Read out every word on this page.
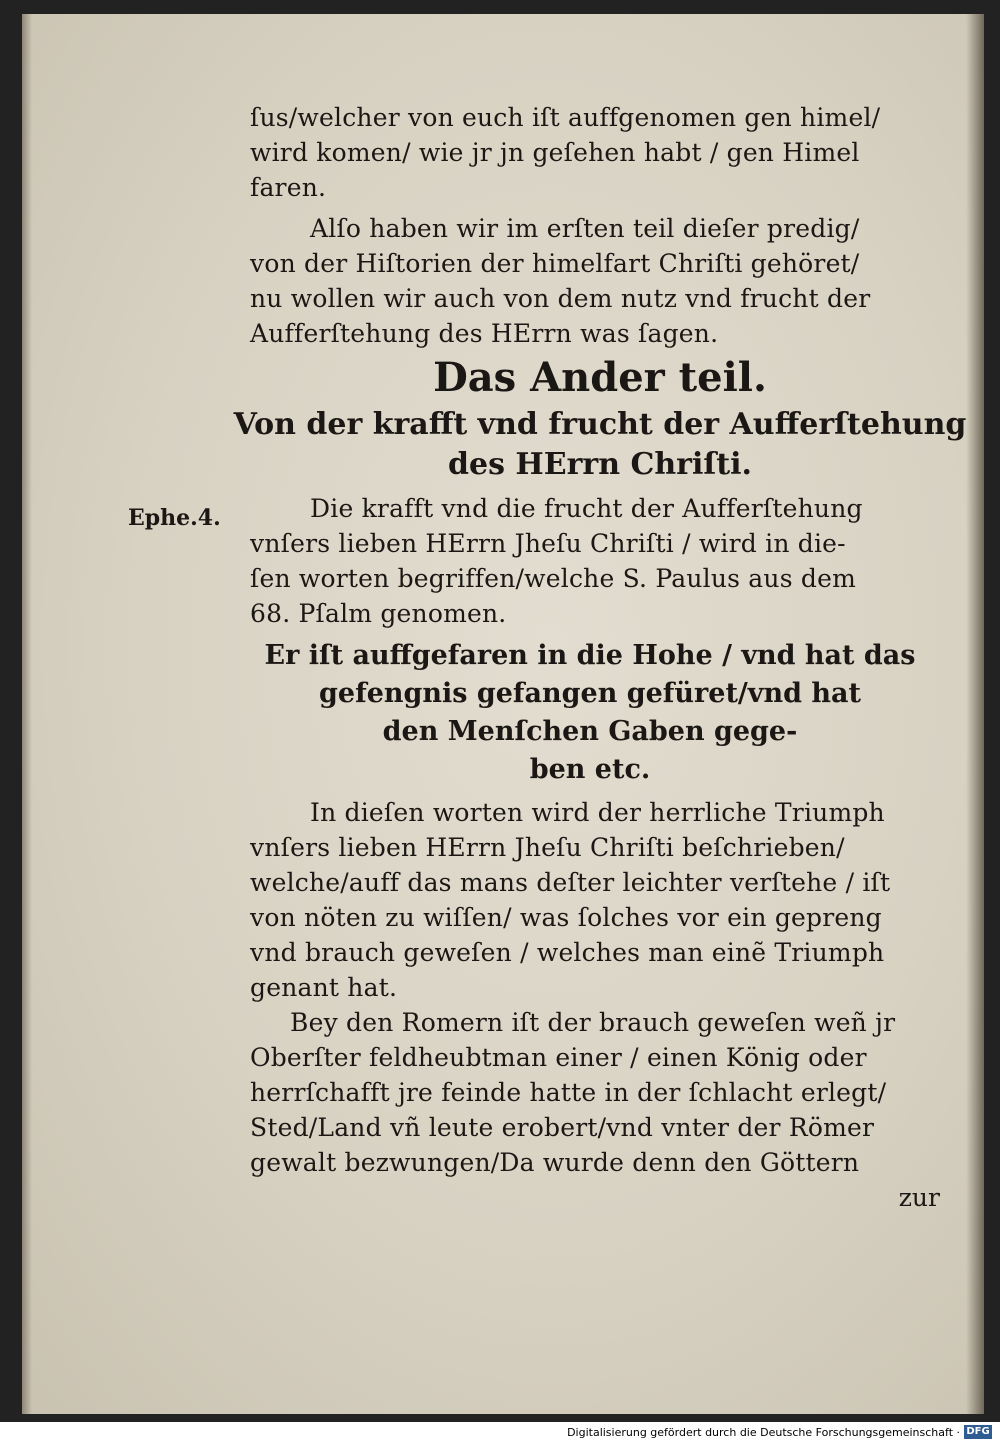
Ephe.4.
ſus/welcher von euch iſt auffgenomen gen himel/
wird komen/ wie jr jn geſehen habt / gen Himel
faren.
Alſo haben wir im erſten teil dieſer predig/
von der Hiſtorien der himelfart Chriſti gehöret/
nu wollen wir auch von dem nutz vnd frucht der
Aufferſtehung des HErrn was ſagen.
Das Ander teil.
Von der krafft vnd frucht der Aufferſtehung
des HErrn Chriſti.
Die krafft vnd die frucht der Aufferſtehung
vnſers lieben HErrn Jheſu Chriſti / wird in die-
ſen worten begriffen/welche S. Paulus aus dem
68. Pſalm genomen.
Er iſt auffgefaren in die Hohe / vnd hat das
gefengnis gefangen gefüret/vnd hat
den Menſchen Gaben gege-
ben etc.
In dieſen worten wird der herrliche Triumph
vnſers lieben HErrn Jheſu Chriſti beſchrieben/
welche/auff das mans deſter leichter verſtehe / iſt
von nöten zu wiſſen/ was ſolches vor ein gepreng
vnd brauch geweſen / welches man einẽ Triumph
genant hat.
Bey den Romern iſt der brauch geweſen weñ jr
Oberſter feldheubtman einer / einen König oder
herrſchafft jre feinde hatte in der ſchlacht erlegt/
Sted/Land vñ leute erobert/vnd vnter der Römer
gewalt bezwungen/Da wurde denn den Göttern
zur
Digitalisierung gefördert durch die Deutsche Forschungsgemeinschaft · DFG
